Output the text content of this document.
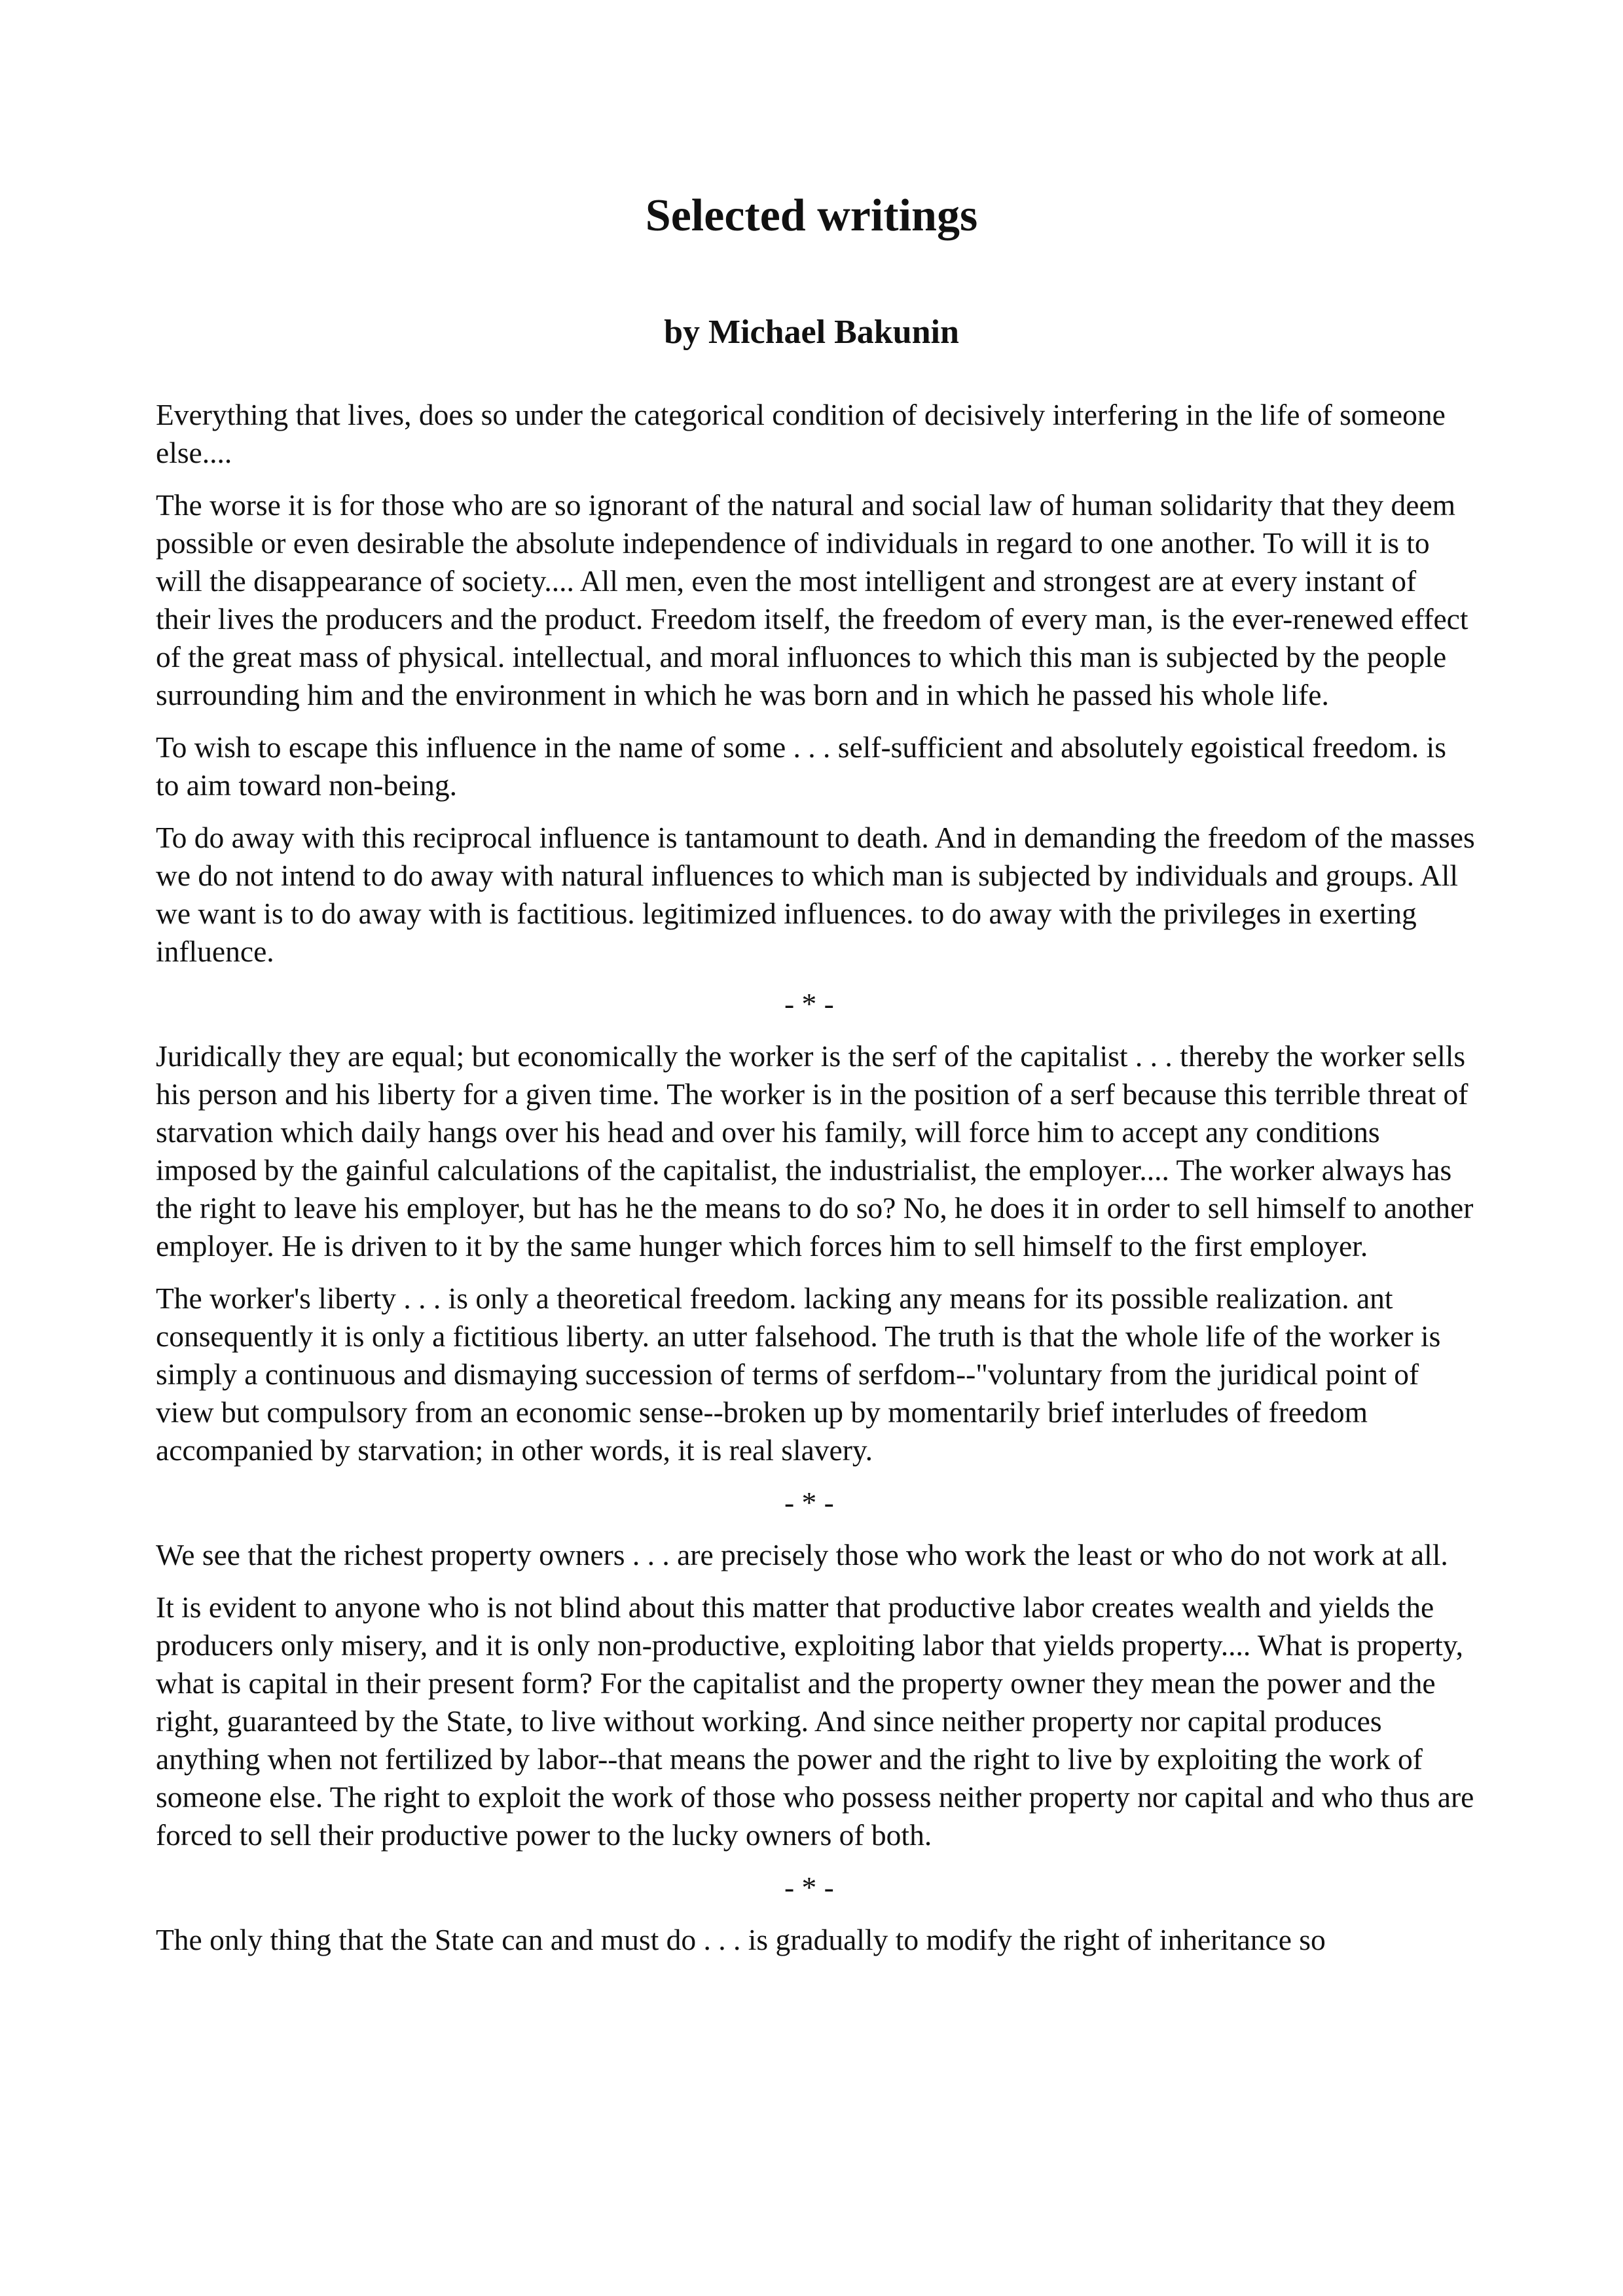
Selected writings
by Michael Bakunin

Everything that lives, does so under the categorical condition of decisively interfering in the life of someone else....

The worse it is for those who are so ignorant of the natural and social law of human solidarity that they deem possible or even desirable the absolute independence of individuals in regard to one another. To will it is to will the disappearance of society.... All men, even the most intelligent and strongest are at every instant of their lives the producers and the product. Freedom itself, the freedom of every man, is the ever-renewed effect of the great mass of physical. intellectual, and moral influonces to which this man is subjected by the people surrounding him and the environment in which he was born and in which he passed his whole life.

To wish to escape this influence in the name of some . . . self-sufficient and absolutely egoistical freedom. is to aim toward non-being.

To do away with this reciprocal influence is tantamount to death. And in demanding the freedom of the masses we do not intend to do away with natural influences to which man is subjected by individuals and groups. All we want is to do away with is factitious. legitimized influences. to do away with the privileges in exerting influence.

- * -

Juridically they are equal; but economically the worker is the serf of the capitalist . . . thereby the worker sells his person and his liberty for a given time. The worker is in the position of a serf because this terrible threat of starvation which daily hangs over his head and over his family, will force him to accept any conditions imposed by the gainful calculations of the capitalist, the industrialist, the employer.... The worker always has the right to leave his employer, but has he the means to do so? No, he does it in order to sell himself to another employer. He is driven to it by the same hunger which forces him to sell himself to the first employer.

The worker's liberty . . . is only a theoretical freedom. lacking any means for its possible realization. ant consequently it is only a fictitious liberty. an utter falsehood. The truth is that the whole life of the worker is simply a continuous and dismaying succession of terms of serfdom--"voluntary from the juridical point of view but compulsory from an economic sense--broken up by momentarily brief interludes of freedom accompanied by starvation; in other words, it is real slavery.

- * -

We see that the richest property owners . . . are precisely those who work the least or who do not work at all.

It is evident to anyone who is not blind about this matter that productive labor creates wealth and yields the producers only misery, and it is only non-productive, exploiting labor that yields property.... What is property, what is capital in their present form? For the capitalist and the property owner they mean the power and the right, guaranteed by the State, to live without working. And since neither property nor capital produces anything when not fertilized by labor--that means the power and the right to live by exploiting the work of someone else. The right to exploit the work of those who possess neither property nor capital and who thus are forced to sell their productive power to the lucky owners of both.

- * -

The only thing that the State can and must do . . . is gradually to modify the right of inheritance so
